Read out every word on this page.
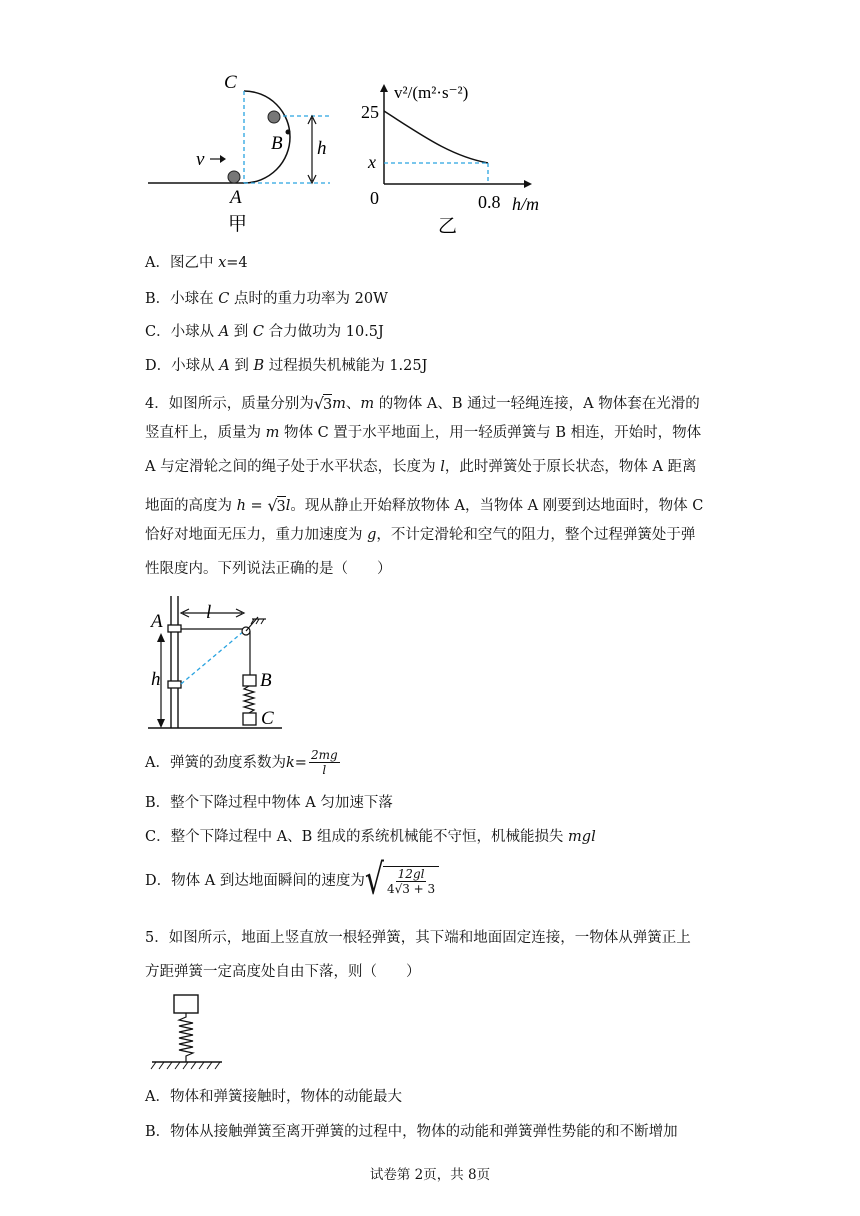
C
B
A
v
h
甲
v²/(m²·s⁻²)
25
x
0	0.8 h/m
乙
A．图乙中 x=4
B．小球在 C 点时的重力功率为 20W
C．小球从 A 到 C 合力做功为 10.5J
D．小球从 A 到 B 过程损失机械能为 1.25J
4．如图所示，质量分别为 √ 3 m、m 的物体 A、B 通过一轻绳连接，A 物体套在光滑的
竖直杆上，质量为 m 物体 C 置于水平地面上，用一轻质弹簧与 B 相连，开始时，物体
A 与定滑轮之间的绳子处于水平状态，长度为 l，此时弹簧处于原长状态，物体 A 距离
地面的高度为 h = √ 3 l。现从静止开始释放物体 A，当物体 A 刚要到达地面时，物体 C
恰好对地面无压力，重力加速度为 g，不计定滑轮和空气的阻力，整个过程弹簧处于弹
性限度内。下列说法正确的是（　　）
A l
h	B
C
A．弹簧的劲度系数为 $k = \frac{2mg}{l}$
B．整个下降过程中物体 A 匀加速下落
C．整个下降过程中 A、B 组成的系统机械能不守恒，机械能损失 mgl
D．物体 A 到达地面瞬间的速度为 √ $\frac{12gl}{4√3 + 3}$
5．如图所示，地面上竖直放一根轻弹簧，其下端和地面固定连接，一物体从弹簧正上
方距弹簧一定高度处自由下落，则（　　）
A．物体和弹簧接触时，物体的动能最大
B．物体从接触弹簧至离开弹簧的过程中，物体的动能和弹簧弹性势能的和不断增加
试卷第 2页，共 8页
